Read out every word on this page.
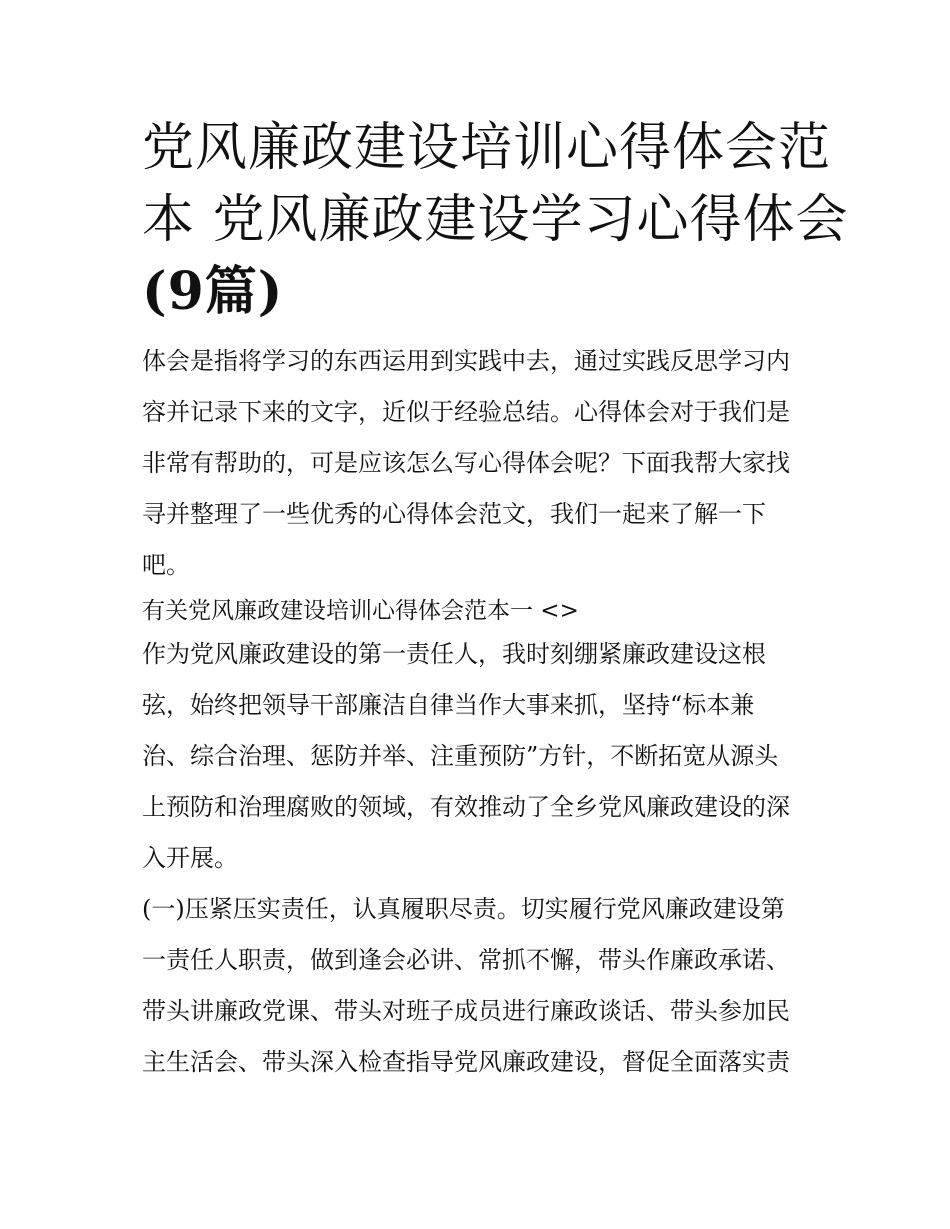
党风廉政建设培训心得体会范
本 党风廉政建设学习心得体会
(9篇)
体会是指将学习的东西运用到实践中去，通过实践反思学习内
容并记录下来的文字，近似于经验总结。心得体会对于我们是
非常有帮助的，可是应该怎么写心得体会呢？下面我帮大家找
寻并整理了一些优秀的心得体会范文，我们一起来了解一下
吧。
有关党风廉政建设培训心得体会范本一 <>
作为党风廉政建设的第一责任人，我时刻绷紧廉政建设这根
弦，始终把领导干部廉洁自律当作大事来抓，坚持“标本兼
治、综合治理、惩防并举、注重预防”方针，不断拓宽从源头
上预防和治理腐败的领域，有效推动了全乡党风廉政建设的深
入开展。
(一)压紧压实责任，认真履职尽责。切实履行党风廉政建设第
一责任人职责，做到逢会必讲、常抓不懈，带头作廉政承诺、
带头讲廉政党课、带头对班子成员进行廉政谈话、带头参加民
主生活会、带头深入检查指导党风廉政建设，督促全面落实责
